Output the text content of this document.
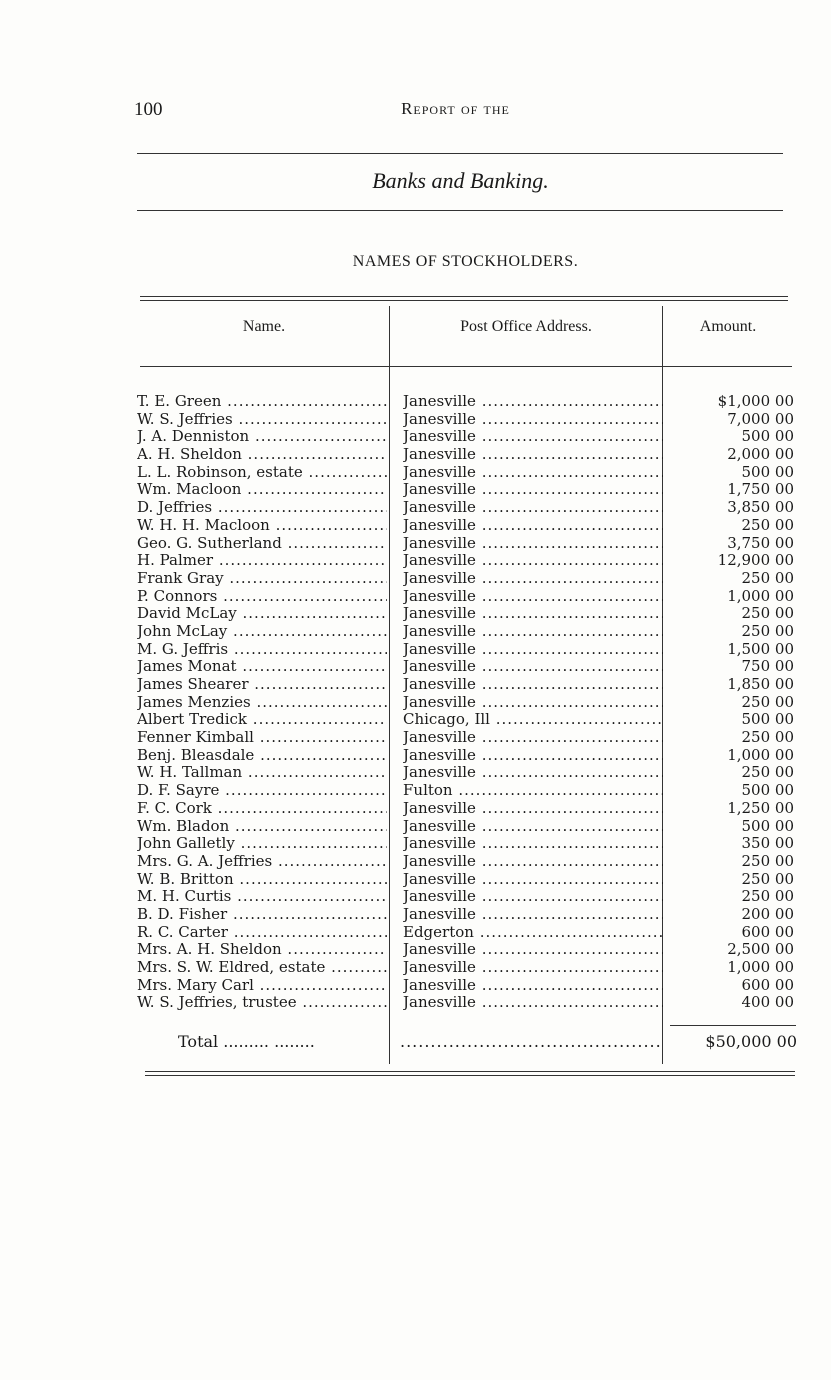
100	Report of the
Banks and Banking.
NAMES OF STOCKHOLDERS.
Name.	Post Office Address.	Amount.
T. E. Green .....	Janesville .....	$1,000 00
W. S. Jeffries .....	Janesville .....	7,000 00
J. A. Denniston .....	Janesville .....	500 00
A. H. Sheldon .....	Janesville .....	2,000 00
L. L. Robinson, estate .....	Janesville .....	500 00
Wm. Macloon .....	Janesville .....	1,750 00
D. Jeffries .....	Janesville .....	3,850 00
W. H. H. Macloon .....	Janesville .....	250 00
Geo. G. Sutherland .....	Janesville .....	3,750 00
H. Palmer .....	Janesville .....	12,900 00
Frank Gray .....	Janesville .....	250 00
P. Connors .....	Janesville .....	1,000 00
David McLay .....	Janesville .....	250 00
John McLay .....	Janesville .....	250 00
M. G. Jeffris .....	Janesville .....	1,500 00
James Monat .....	Janesville .....	750 00
James Shearer .....	Janesville .....	1,850 00
James Menzies .....	Janesville .....	250 00
Albert Tredick .....	Chicago, Ill .....	500 00
Fenner Kimball .....	Janesville .....	250 00
Benj. Bleasdale .....	Janesville .....	1,000 00
W. H. Tallman .....	Janesville .....	250 00
D. F. Sayre .....	Fulton .....	500 00
F. C. Cork .....	Janesville .....	1,250 00
Wm. Bladon .....	Janesville .....	500 00
John Galletly .....	Janesville .....	350 00
Mrs. G. A. Jeffries .....	Janesville .....	250 00
W. B. Britton .....	Janesville .....	250 00
M. H. Curtis .....	Janesville .....	250 00
B. D. Fisher .....	Janesville .....	200 00
R. C. Carter .....	Edgerton .....	600 00
Mrs. A. H. Sheldon .....	Janesville .....	2,500 00
Mrs. S. W. Eldred, estate .....	Janesville .....	1,000 00
Mrs. Mary Carl .....	Janesville .....	600 00
W. S. Jeffries, trustee .....	Janesville .....	400 00
Total ......... ........	...........................................	$50,000 00
